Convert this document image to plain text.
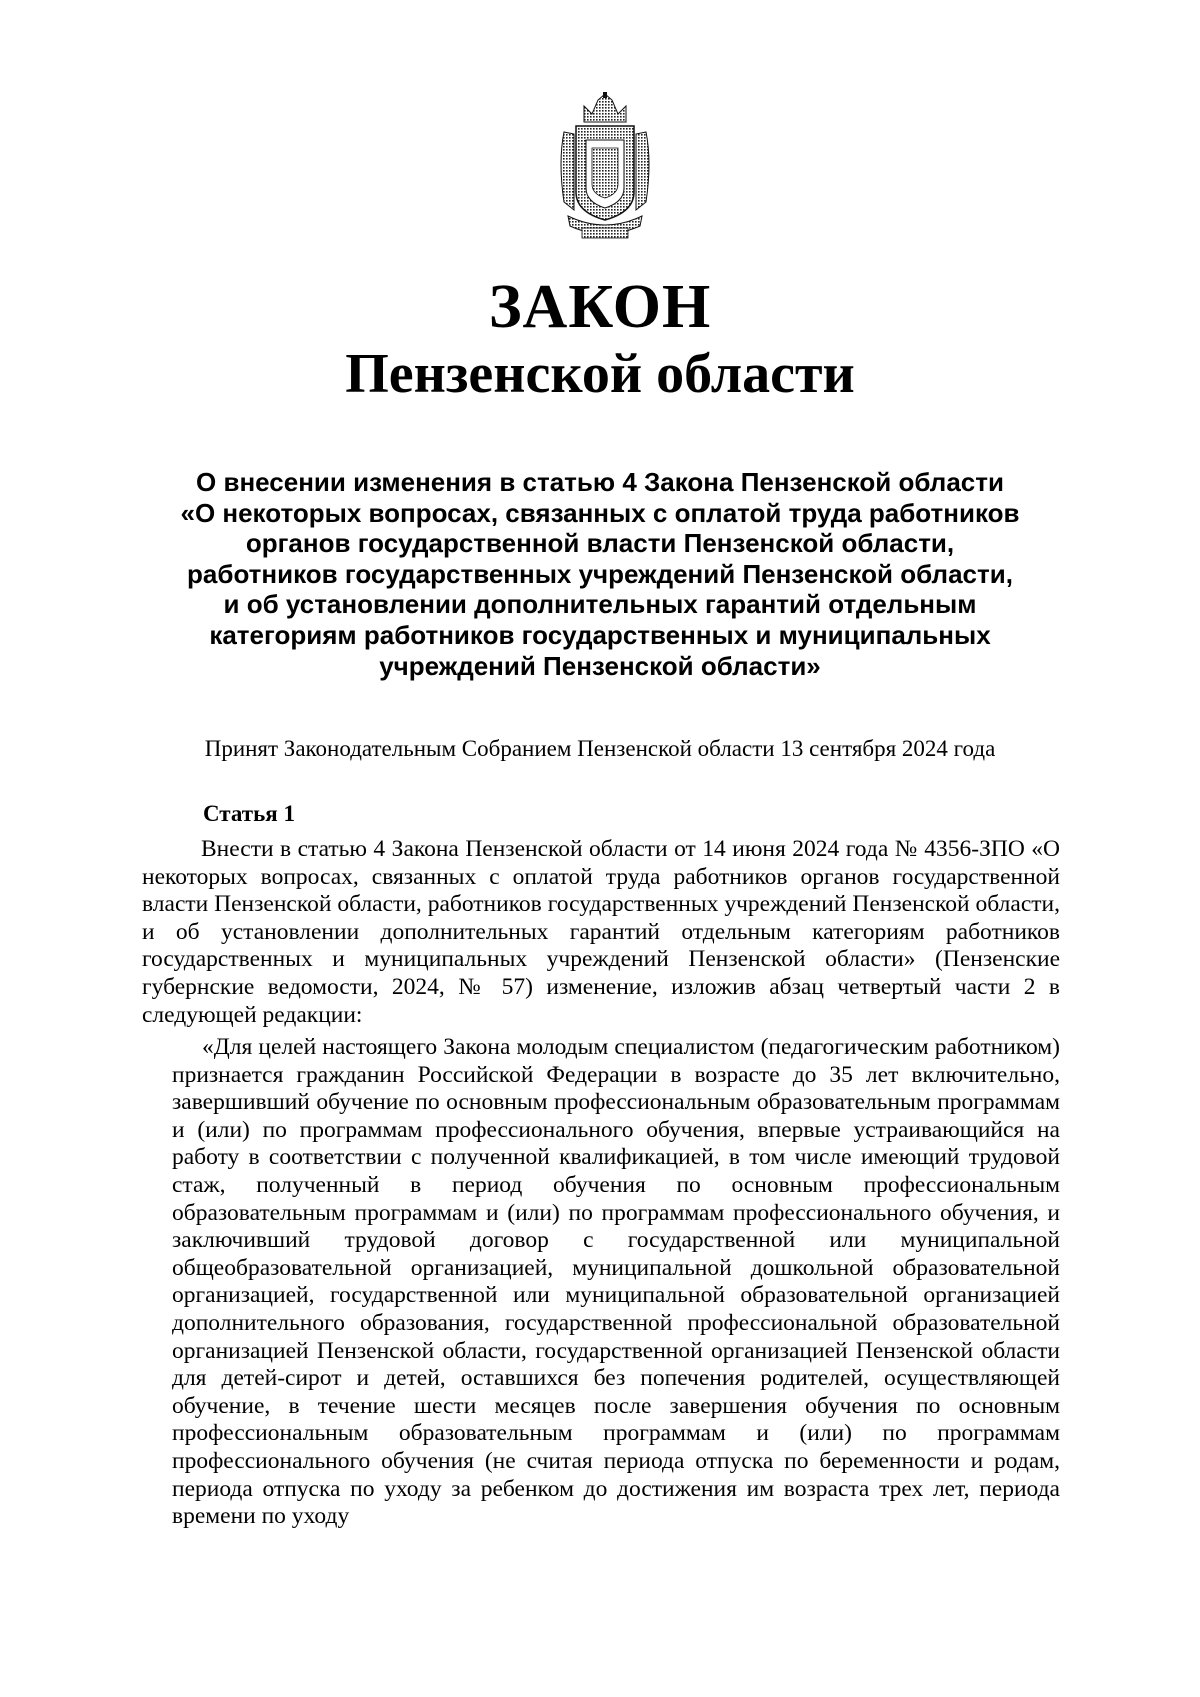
ЗАКОН
Пензенской области
О внесении изменения в статью 4 Закона Пензенской области
«О некоторых вопросах, связанных с оплатой труда работников
органов государственной власти Пензенской области,
работников государственных учреждений Пензенской области,
и об установлении дополнительных гарантий отдельным
категориям работников государственных и муниципальных
учреждений Пензенской области»
Принят Законодательным Собранием Пензенской области 13 сентября 2024 года
Статья 1

Внести в статью 4 Закона Пензенской области от 14 июня 2024 года № 4356-ЗПО «О некоторых вопросах, связанных с оплатой труда работников органов государственной власти Пензенской области, работников государственных учреждений Пензенской области, и об установлении дополнительных гарантий отдельным категориям работников государственных и муниципальных учреждений Пензенской области» (Пензенские губернские ведомости, 2024, № 57) изменение, изложив абзац четвертый части 2 в следующей редакции:

«Для целей настоящего Закона молодым специалистом (педагогическим работником) признается гражданин Российской Федерации в возрасте до 35 лет включительно, завершивший обучение по основным профессиональным образовательным программам и (или) по программам профессионального обучения, впервые устраивающийся на работу в соответствии с полученной квалификацией, в том числе имеющий трудовой стаж, полученный в период обучения по основным профессиональным образовательным программам и (или) по программам профессионального обучения, и заключивший трудовой договор с государственной или муниципальной общеобразовательной организацией, муниципальной дошкольной образовательной организацией, государственной или муниципальной образовательной организацией дополнительного образования, государственной профессиональной образовательной организацией Пензенской области, государственной организацией Пензенской области для детей-сирот и детей, оставшихся без попечения родителей, осуществляющей обучение, в течение шести месяцев после завершения обучения по основным профессиональным образовательным программам и (или) по программам профессионального обучения (не считая периода отпуска по беременности и родам, периода отпуска по уходу за ребенком до достижения им возраста трех лет, периода времени по уходу
